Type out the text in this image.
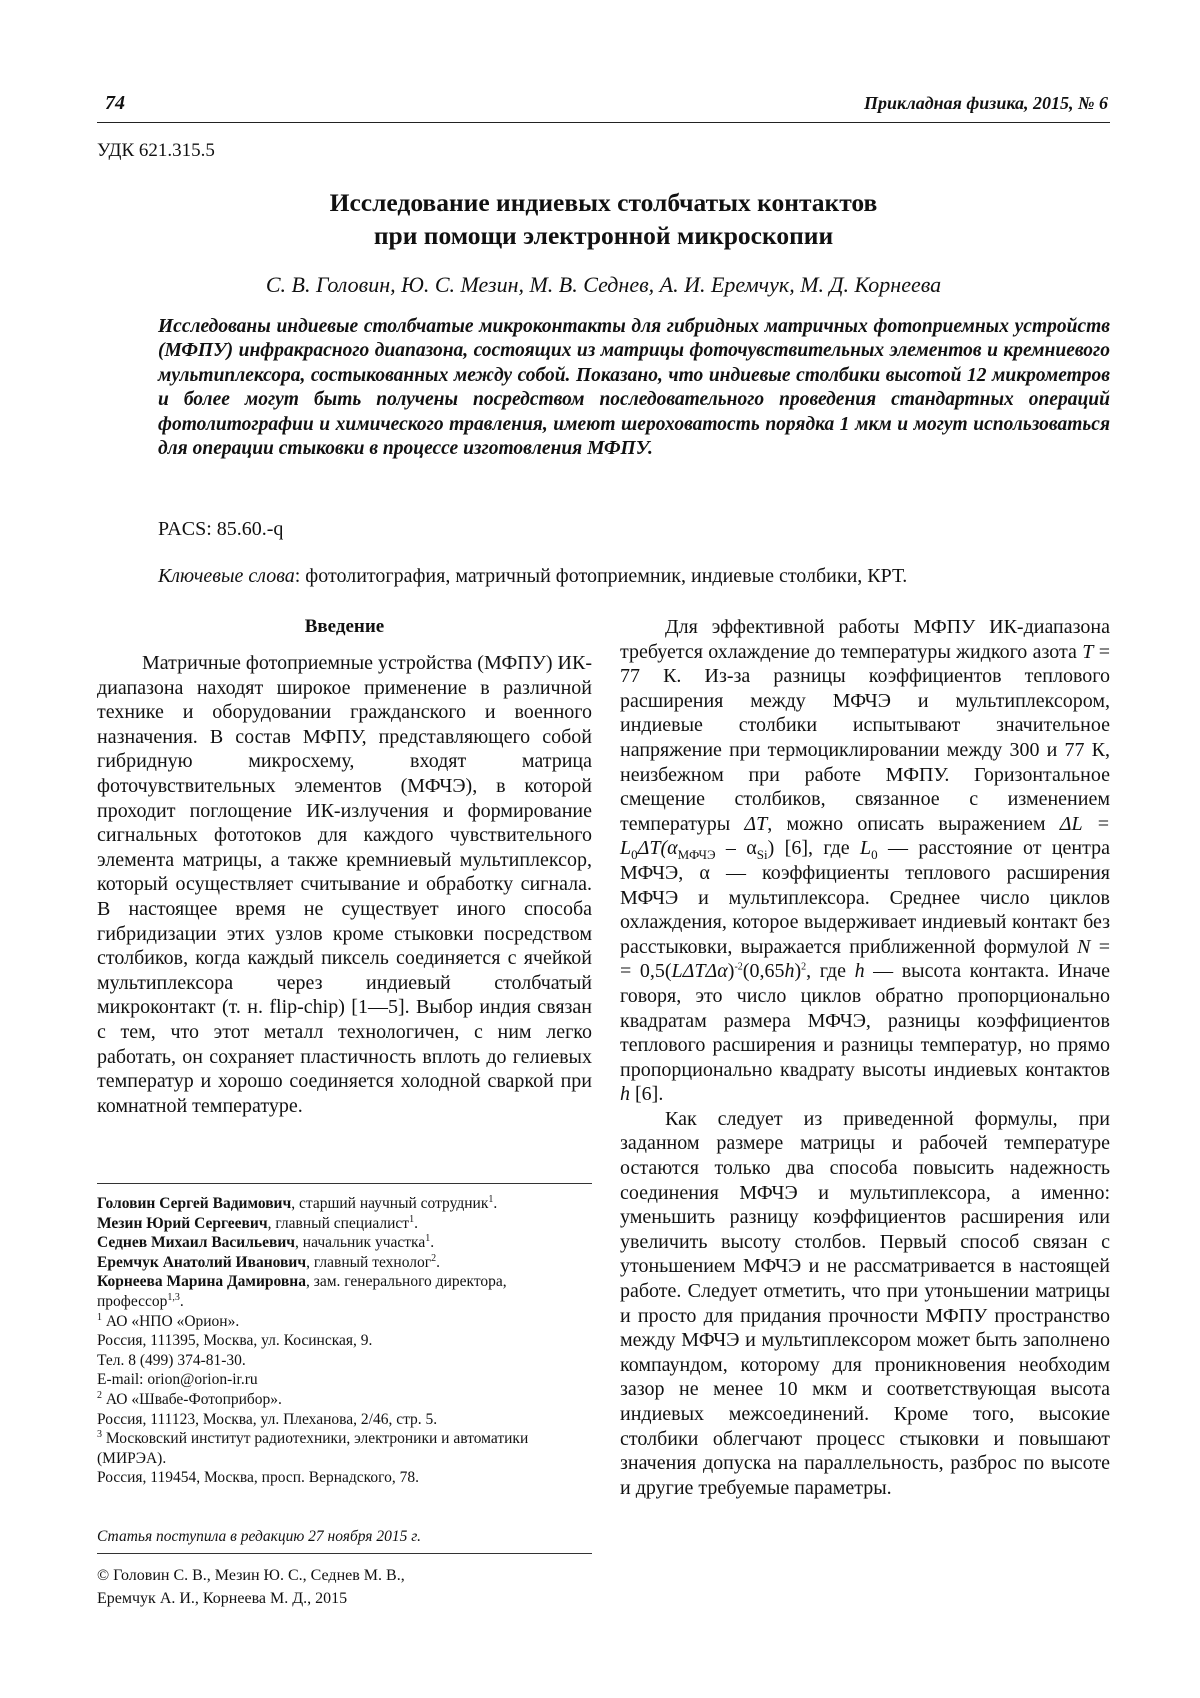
74	Прикладная физика, 2015, № 6
УДК 621.315.5
Исследование индиевых столбчатых контактов
при помощи электронной микроскопии
С. В. Головин, Ю. С. Мезин, М. В. Седнев, А. И. Еремчук, М. Д. Корнеева
Исследованы индиевые столбчатые микроконтакты для гибридных матричных фотоприемных устройств (МФПУ) инфракрасного диапазона, состоящих из матрицы фоточувствительных элементов и кремниевого мультиплексора, состыкованных между собой. Показано, что индиевые столбики высотой 12 микрометров и более могут быть получены посредством последовательного проведения стандартных операций фотолитографии и химического травления, имеют шероховатость порядка 1 мкм и могут использоваться для операции стыковки в процессе изготовления МФПУ.
PACS: 85.60.-q
Ключевые слова: фотолитография, матричный фотоприемник, индиевые столбики, КРТ.
Введение

Матричные фотоприемные устройства (МФПУ) ИК-диапазона находят широкое применение в различной технике и оборудовании гражданского и военного назначения. В состав МФПУ, представляющего собой гибридную микросхему, входят матрица фоточувствительных элементов (МФЧЭ), в которой проходит поглощение ИК-излучения и формирование сигнальных фототоков для каждого чувствительного элемента матрицы, а также кремниевый мультиплексор, который осуществляет считывание и обработку сигнала. В настоящее время не существует иного способа гибридизации этих узлов кроме стыковки посредством столбиков, когда каждый пиксель соединяется с ячейкой мультиплексора через индиевый столбчатый микроконтакт (т. н. flip-chip) [1—5]. Выбор индия связан с тем, что этот металл технологичен, с ним легко работать, он сохраняет пластичность вплоть до гелиевых температур и хорошо соединяется холодной сваркой при комнатной температуре.

Для эффективной работы МФПУ ИК-диапазона требуется охлаждение до температуры жидкого азота T = 77 К. Из-за разницы коэффициентов теплового расширения между МФЧЭ и мультиплексором, индиевые столбики испытывают значительное напряжение при термоциклировании между 300 и 77 К, неизбежном при работе МФПУ. Горизонтальное смещение столбиков, связанное с изменением температуры ΔT, можно описать выражением $\Delta L = L_0\Delta T(\alpha_{МФЧЭ} - \alpha_{Si})$ [6], где $L_0$ — расстояние от центра МФЧЭ, α — коэффициенты теплового расширения МФЧЭ и мультиплексора. Среднее число циклов охлаждения, которое выдерживает индиевый контакт без расстыковки, выражается приближенной формулой N = = $0,5(L\Delta T\Delta\alpha)^{-2}(0,65h)^2$, где h — высота контакта. Иначе говоря, это число циклов обратно пропорционально квадратам размера МФЧЭ, разницы коэффициентов теплового расширения и разницы температур, но прямо пропорционально квадрату высоты индиевых контактов h [6].

Как следует из приведенной формулы, при заданном размере матрицы и рабочей температуре остаются только два способа повысить надежность соединения МФЧЭ и мультиплексора, а именно: уменьшить разницу коэффициентов расширения или увеличить высоту столбов. Первый способ связан с утоньшением МФЧЭ и не рассматривается в настоящей работе. Следует отметить, что при утоньшении матрицы и просто для придания прочности МФПУ пространство между МФЧЭ и мультиплексором может быть заполнено компаундом, которому для проникновения необходим зазор не менее 10 мкм и соответствующая высота индиевых межсоединений. Кроме того, высокие столбики облегчают процесс стыковки и повышают значения допуска на параллельность, разброс по высоте и другие требуемые параметры.

Головин Сергей Вадимович, старший научный сотрудник$^1$.
Мезин Юрий Сергеевич, главный специалист$^1$.
Седнев Михаил Васильевич, начальник участка$^1$.
Еремчук Анатолий Иванович, главный технолог$^2$.
Корнеева Марина Дамировна, зам. генерального директора, профессор$^{1,3}$.
$^1$ АО «НПО «Орион».
Россия, 111395, Москва, ул. Косинская, 9.
Тел. 8 (499) 374-81-30.
E-mail: orion@orion-ir.ru
$^2$ АО «Швабе-Фотоприбор».
Россия, 111123, Москва, ул. Плеханова, 2/46, стр. 5.
$^3$ Московский институт радиотехники, электроники и автоматики (МИРЭА).
Россия, 119454, Москва, просп. Вернадского, 78.
Статья поступила в редакцию 27 ноября 2015 г.
© Головин С. В., Мезин Ю. С., Седнев М. В.,
Еремчук А. И., Корнеева М. Д., 2015
